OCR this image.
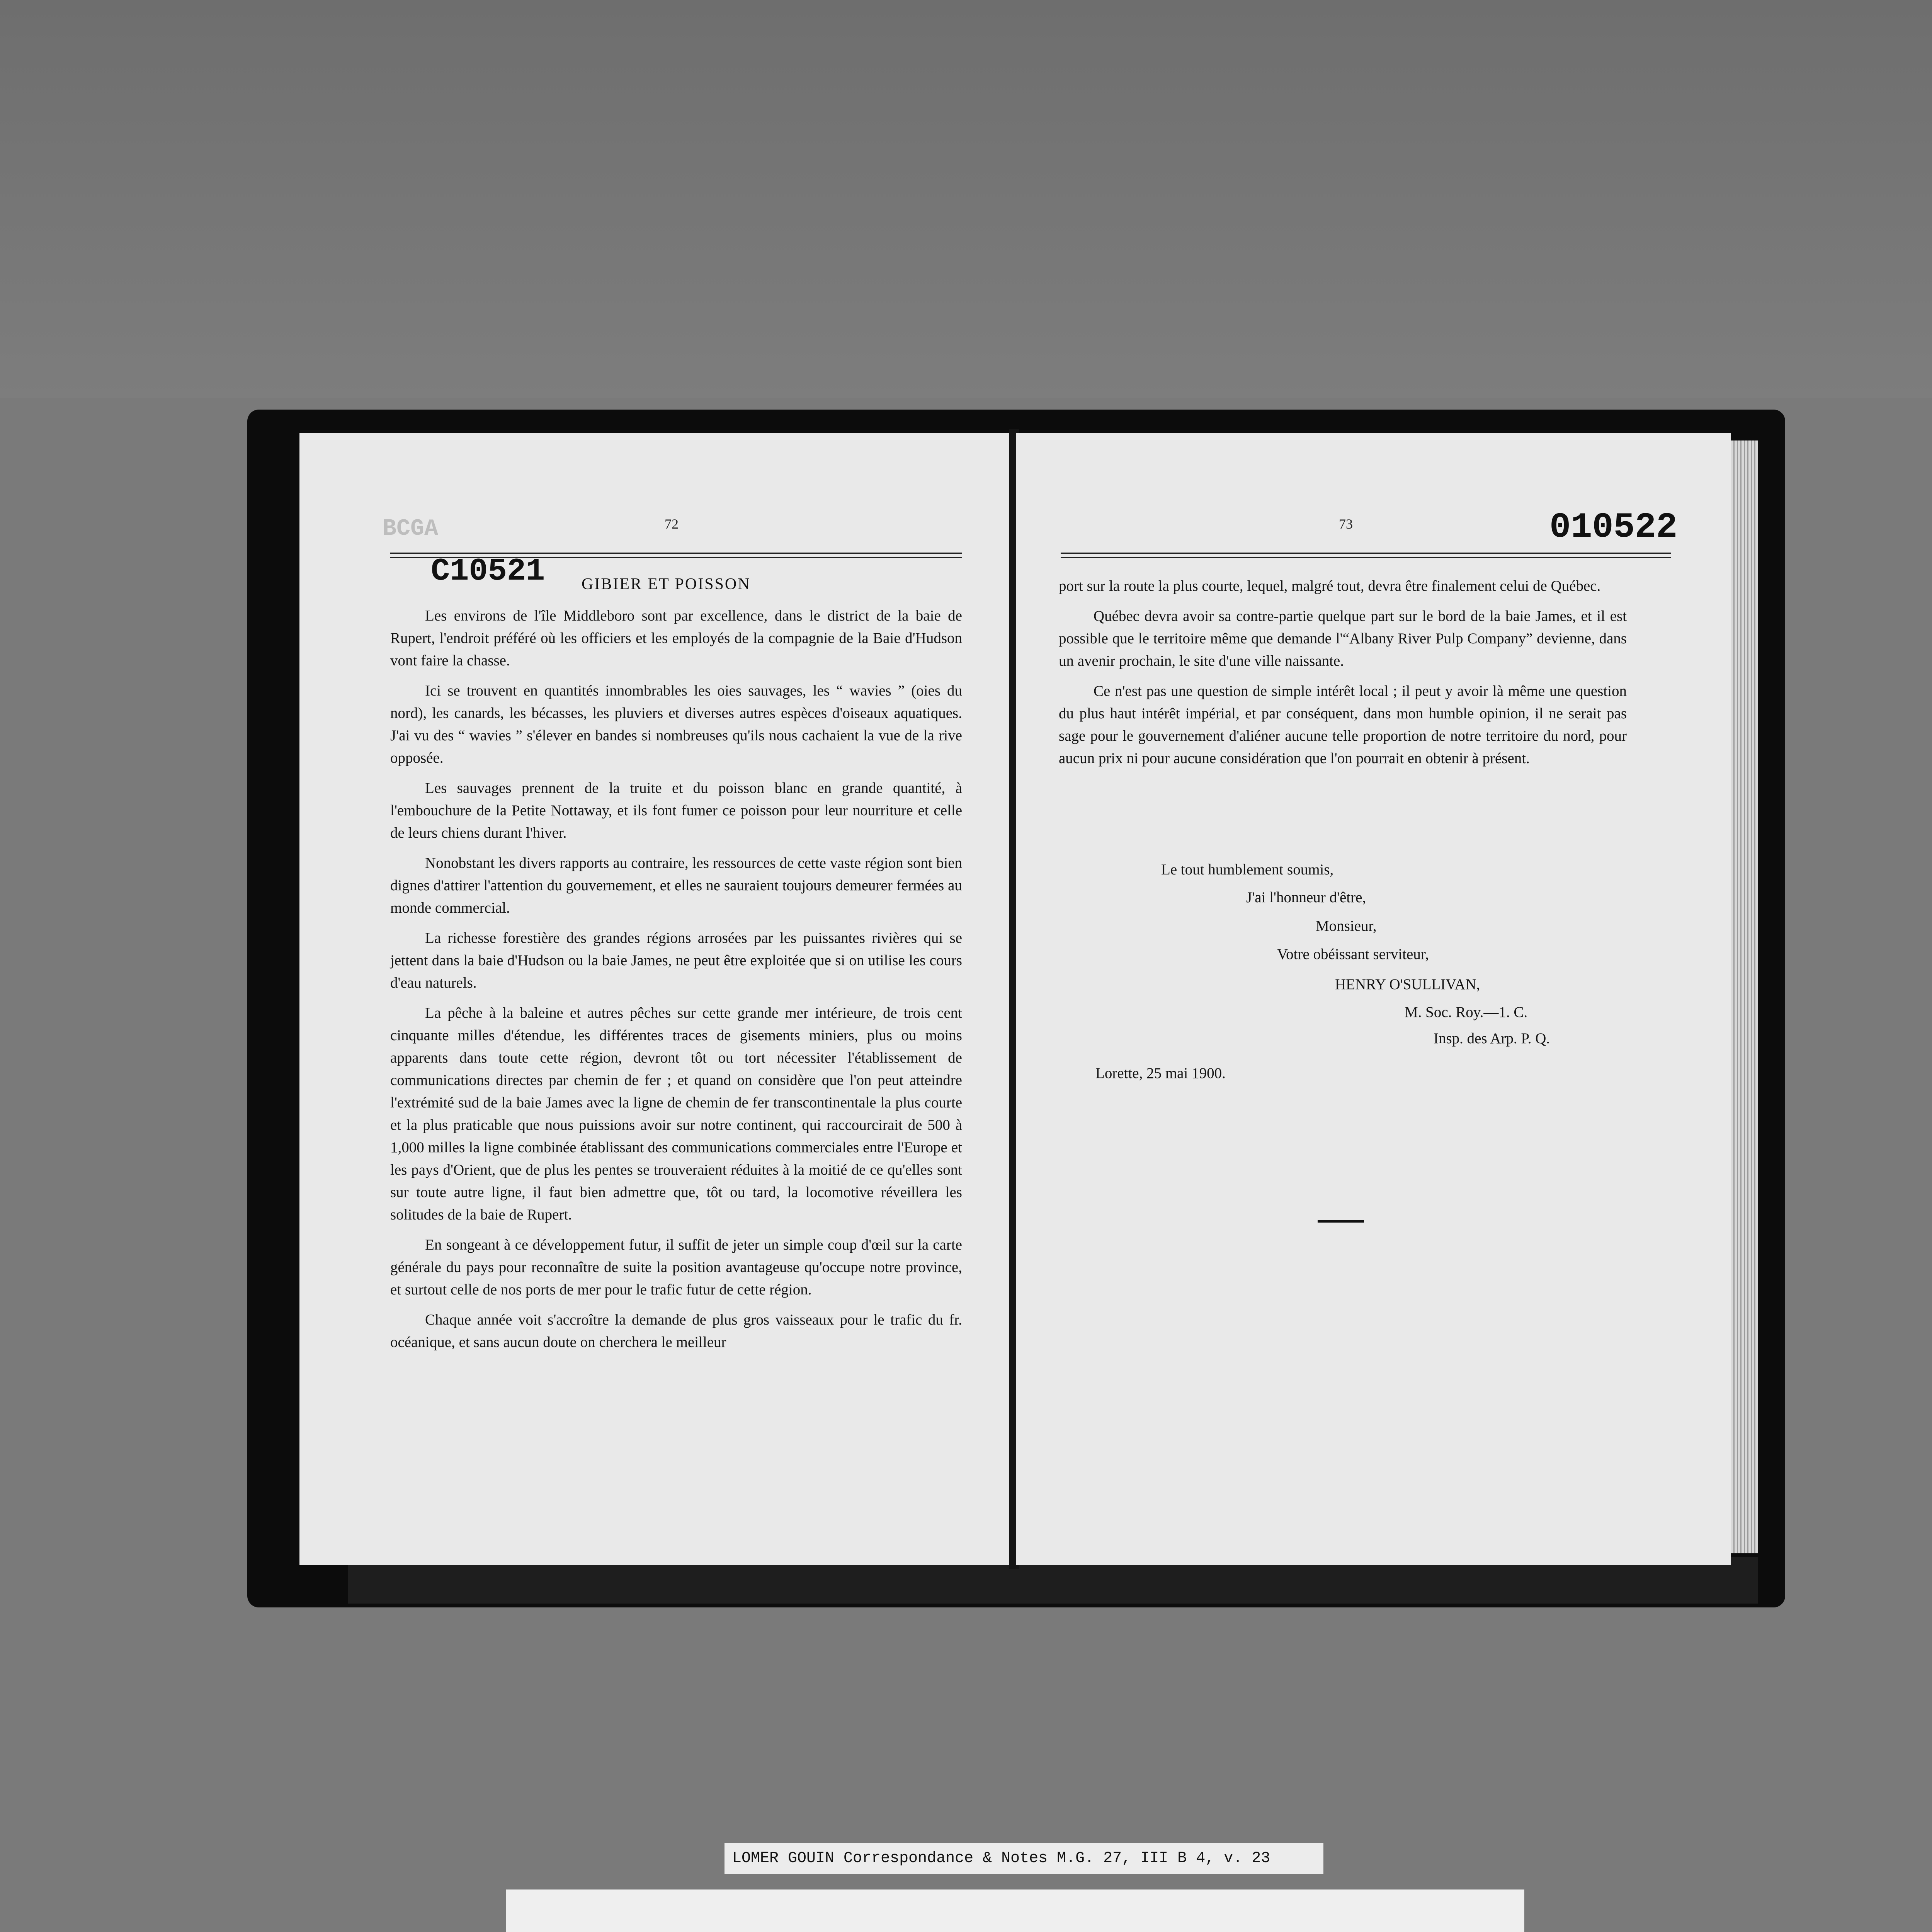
BCGA	72
C10521 GIBIER ET POISSON

Les environs de l'île Middleboro sont par excellence, dans le district de la baie de Rupert, l'endroit préféré où les officiers et les employés de la compagnie de la Baie d'Hudson vont faire la chasse.

Ici se trouvent en quantités innombrables les oies sauvages, les “ wavies ” (oies du nord), les canards, les bécasses, les pluviers et diverses autres espèces d'oiseaux aquatiques. J'ai vu des “ wavies ” s'élever en bandes si nombreuses qu'ils nous cachaient la vue de la rive opposée.

Les sauvages prennent de la truite et du poisson blanc en grande quantité, à l'embouchure de la Petite Nottaway, et ils font fumer ce poisson pour leur nourriture et celle de leurs chiens durant l'hiver.

Nonobstant les divers rapports au contraire, les ressources de cette vaste région sont bien dignes d'attirer l'attention du gouvernement, et elles ne sauraient toujours demeurer fermées au monde commercial.

La richesse forestière des grandes régions arrosées par les puissantes rivières qui se jettent dans la baie d'Hudson ou la baie James, ne peut être exploitée que si on utilise les cours d'eau naturels.

La pêche à la baleine et autres pêches sur cette grande mer intérieure, de trois cent cinquante milles d'étendue, les différentes traces de gisements miniers, plus ou moins apparents dans toute cette région, devront tôt ou tort nécessiter l'établissement de communications directes par chemin de fer ; et quand on considère que l'on peut atteindre l'extrémité sud de la baie James avec la ligne de chemin de fer transcontinentale la plus courte et la plus praticable que nous puissions avoir sur notre continent, qui raccourcirait de 500 à 1,000 milles la ligne combinée établissant des communications commerciales entre l'Europe et les pays d'Orient, que de plus les pentes se trouveraient réduites à la moitié de ce qu'elles sont sur toute autre ligne, il faut bien admettre que, tôt ou tard, la locomotive réveillera les solitudes de la baie de Rupert.

En songeant à ce développement futur, il suffit de jeter un simple coup d'œil sur la carte générale du pays pour reconnaître de suite la position avantageuse qu'occupe notre province, et surtout celle de nos ports de mer pour le trafic futur de cette région.

Chaque année voit s'accroître la demande de plus gros vaisseaux pour le trafic du fr. océanique, et sans aucun doute on cherchera le meilleur

73	010522

port sur la route la plus courte, lequel, malgré tout, devra être finalement celui de Québec.

Québec devra avoir sa contre-partie quelque part sur le bord de la baie James, et il est possible que le territoire même que demande l'“Albany River Pulp Company” devienne, dans un avenir prochain, le site d'une ville naissante.

Ce n'est pas une question de simple intérêt local ; il peut y avoir là même une question du plus haut intérêt impérial, et par conséquent, dans mon humble opinion, il ne serait pas sage pour le gouvernement d'aliéner aucune telle proportion de notre territoire du nord, pour aucun prix ni pour aucune considération que l'on pourrait en obtenir à présent.

Le tout humblement soumis,
J'ai l'honneur d'être,
Monsieur,
Votre obéissant serviteur,
HENRY O'SULLIVAN,
M. Soc. Roy.—1. C.
Insp. des Arp. P. Q.
Lorette, 25 mai 1900.
LOMER GOUIN Correspondance & Notes M.G. 27, III B 4, v. 23
